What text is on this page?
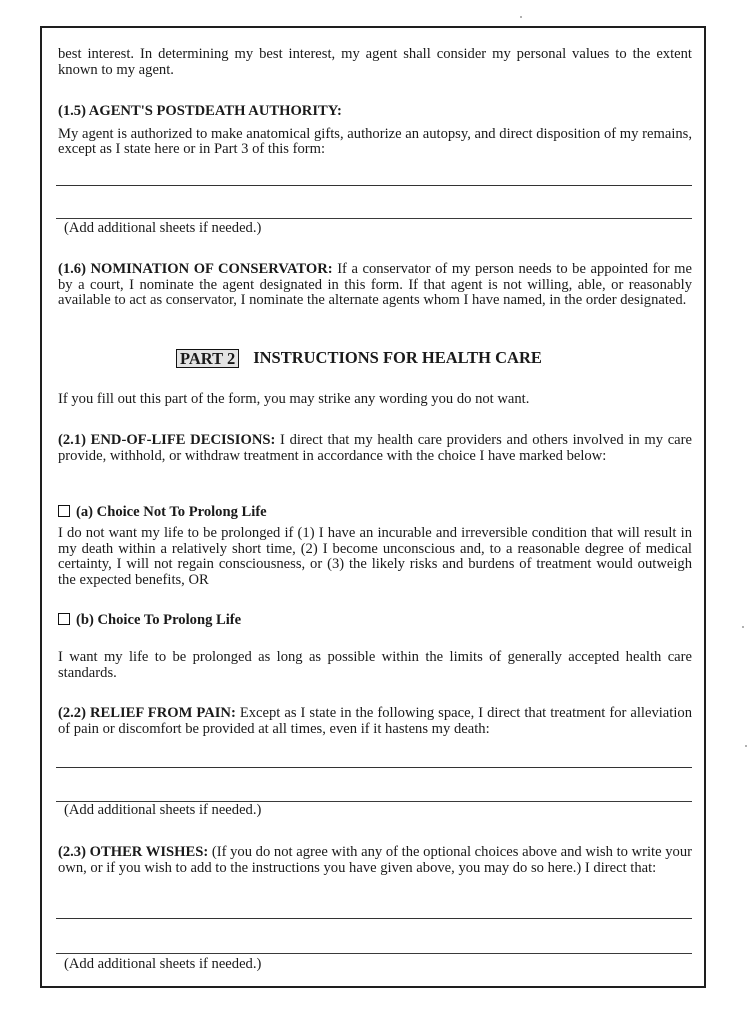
best interest. In determining my best interest, my agent shall consider my personal values to the extent known to my agent.
(1.5) AGENT'S POSTDEATH AUTHORITY:
My agent is authorized to make anatomical gifts, authorize an autopsy, and direct disposition of my remains, except as I state here or in Part 3 of this form:
(Add additional sheets if needed.)
(1.6) NOMINATION OF CONSERVATOR: If a conservator of my person needs to be appointed for me by a court, I nominate the agent designated in this form. If that agent is not willing, able, or reasonably available to act as conservator, I nominate the alternate agents whom I have named, in the order designated.
PART 2 INSTRUCTIONS FOR HEALTH CARE
If you fill out this part of the form, you may strike any wording you do not want.
(2.1) END-OF-LIFE DECISIONS: I direct that my health care providers and others involved in my care provide, withhold, or withdraw treatment in accordance with the choice I have marked below:
(a) Choice Not To Prolong Life
I do not want my life to be prolonged if (1) I have an incurable and irreversible condition that will result in my death within a relatively short time, (2) I become unconscious and, to a reasonable degree of medical certainty, I will not regain consciousness, or (3) the likely risks and burdens of treatment would outweigh the expected benefits, OR
(b) Choice To Prolong Life
I want my life to be prolonged as long as possible within the limits of generally accepted health care standards.
(2.2) RELIEF FROM PAIN: Except as I state in the following space, I direct that treatment for alleviation of pain or discomfort be provided at all times, even if it hastens my death:
(Add additional sheets if needed.)
(2.3) OTHER WISHES: (If you do not agree with any of the optional choices above and wish to write your own, or if you wish to add to the instructions you have given above, you may do so here.) I direct that:
(Add additional sheets if needed.)
